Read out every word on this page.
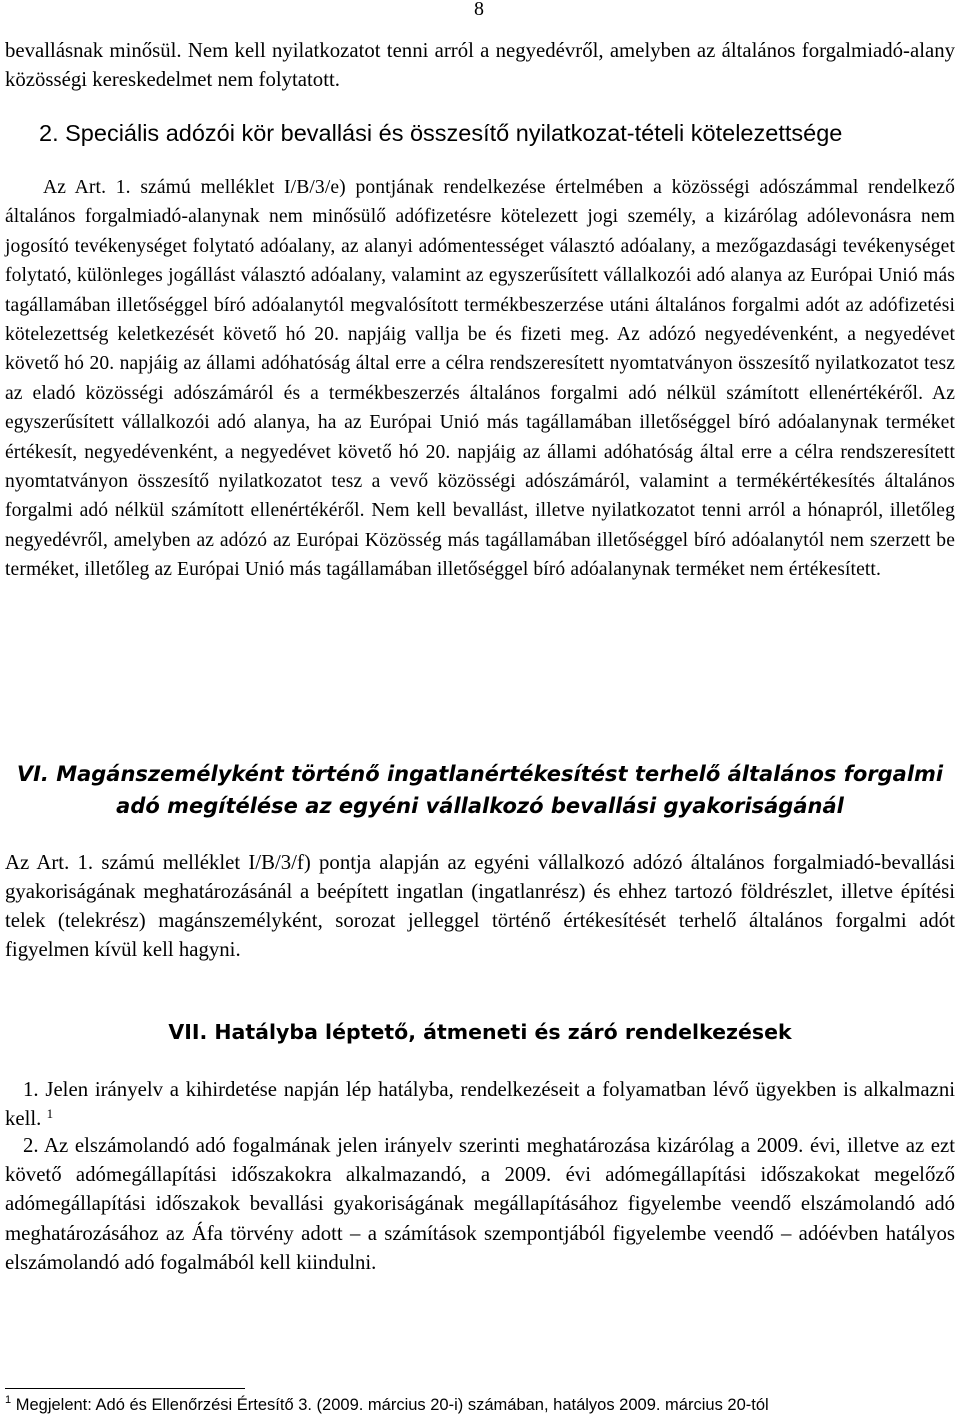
8

bevallásnak minősül. Nem kell nyilatkozatot tenni arról a negyedévről, amelyben az általános forgalmiadó-alany közösségi kereskedelmet nem folytatott.

2. Speciális adózói kör bevallási és összesítő nyilatkozat-tételi kötelezettsége

Az Art. 1. számú melléklet I/B/3/e) pontjának rendelkezése értelmében a közösségi adószámmal rendelkező általános forgalmiadó-alanynak nem minősülő adófizetésre kötelezett jogi személy, a kizárólag adólevonásra nem jogosító tevékenységet folytató adóalany, az alanyi adómentességet választó adóalany, a mezőgazdasági tevékenységet folytató, különleges jogállást választó adóalany, valamint az egyszerűsített vállalkozói adó alanya az Európai Unió más tagállamában illetőséggel bíró adóalanytól megvalósított termékbeszerzése utáni általános forgalmi adót az adófizetési kötelezettség keletkezését követő hó 20. napjáig vallja be és fizeti meg. Az adózó negyedévenként, a negyedévet követő hó 20. napjáig az állami adóhatóság által erre a célra rendszeresített nyomtatványon összesítő nyilatkozatot tesz az eladó közösségi adószámáról és a termékbeszerzés általános forgalmi adó nélkül számított ellenértékéről. Az egyszerűsített vállalkozói adó alanya, ha az Európai Unió más tagállamában illetőséggel bíró adóalanynak terméket értékesít, negyedévenként, a negyedévet követő hó 20. napjáig az állami adóhatóság által erre a célra rendszeresített nyomtatványon összesítő nyilatkozatot tesz a vevő közösségi adószámáról, valamint a termékértékesítés általános forgalmi adó nélkül számított ellenértékéről. Nem kell bevallást, illetve nyilatkozatot tenni arról a hónapról, illetőleg negyedévről, amelyben az adózó az Európai Közösség más tagállamában illetőséggel bíró adóalanytól nem szerzett be terméket, illetőleg az Európai Unió más tagállamában illetőséggel bíró adóalanynak terméket nem értékesített.

VI. Magánszemélyként történő ingatlanértékesítést terhelő általános forgalmi
adó megítélése az egyéni vállalkozó bevallási gyakoriságánál

Az Art. 1. számú melléklet I/B/3/f) pontja alapján az egyéni vállalkozó adózó általános forgalmiadó-bevallási gyakoriságának meghatározásánál a beépített ingatlan (ingatlanrész) és ehhez tartozó földrészlet, illetve építési telek (telekrész) magánszemélyként, sorozat jelleggel történő értékesítését terhelő általános forgalmi adót figyelmen kívül kell hagyni.

VII. Hatályba léptető, átmeneti és záró rendelkezések

1. Jelen irányelv a kihirdetése napján lép hatályba, rendelkezéseit a folyamatban lévő ügyekben is alkalmazni kell. $^1$

2. Az elszámolandó adó fogalmának jelen irányelv szerinti meghatározása kizárólag a 2009. évi, illetve az ezt követő adómegállapítási időszakokra alkalmazandó, a 2009. évi adómegállapítási időszakokat megelőző adómegállapítási időszakok bevallási gyakoriságának megállapításához figyelembe veendő elszámolandó adó meghatározásához az Áfa törvény adott – a számítások szempontjából figyelembe veendő – adóévben hatályos elszámolandó adó fogalmából kell kiindulni.

$^1$ Megjelent: Adó és Ellenőrzési Értesítő 3. (2009. március 20-i) számában, hatályos 2009. március 20-tól
